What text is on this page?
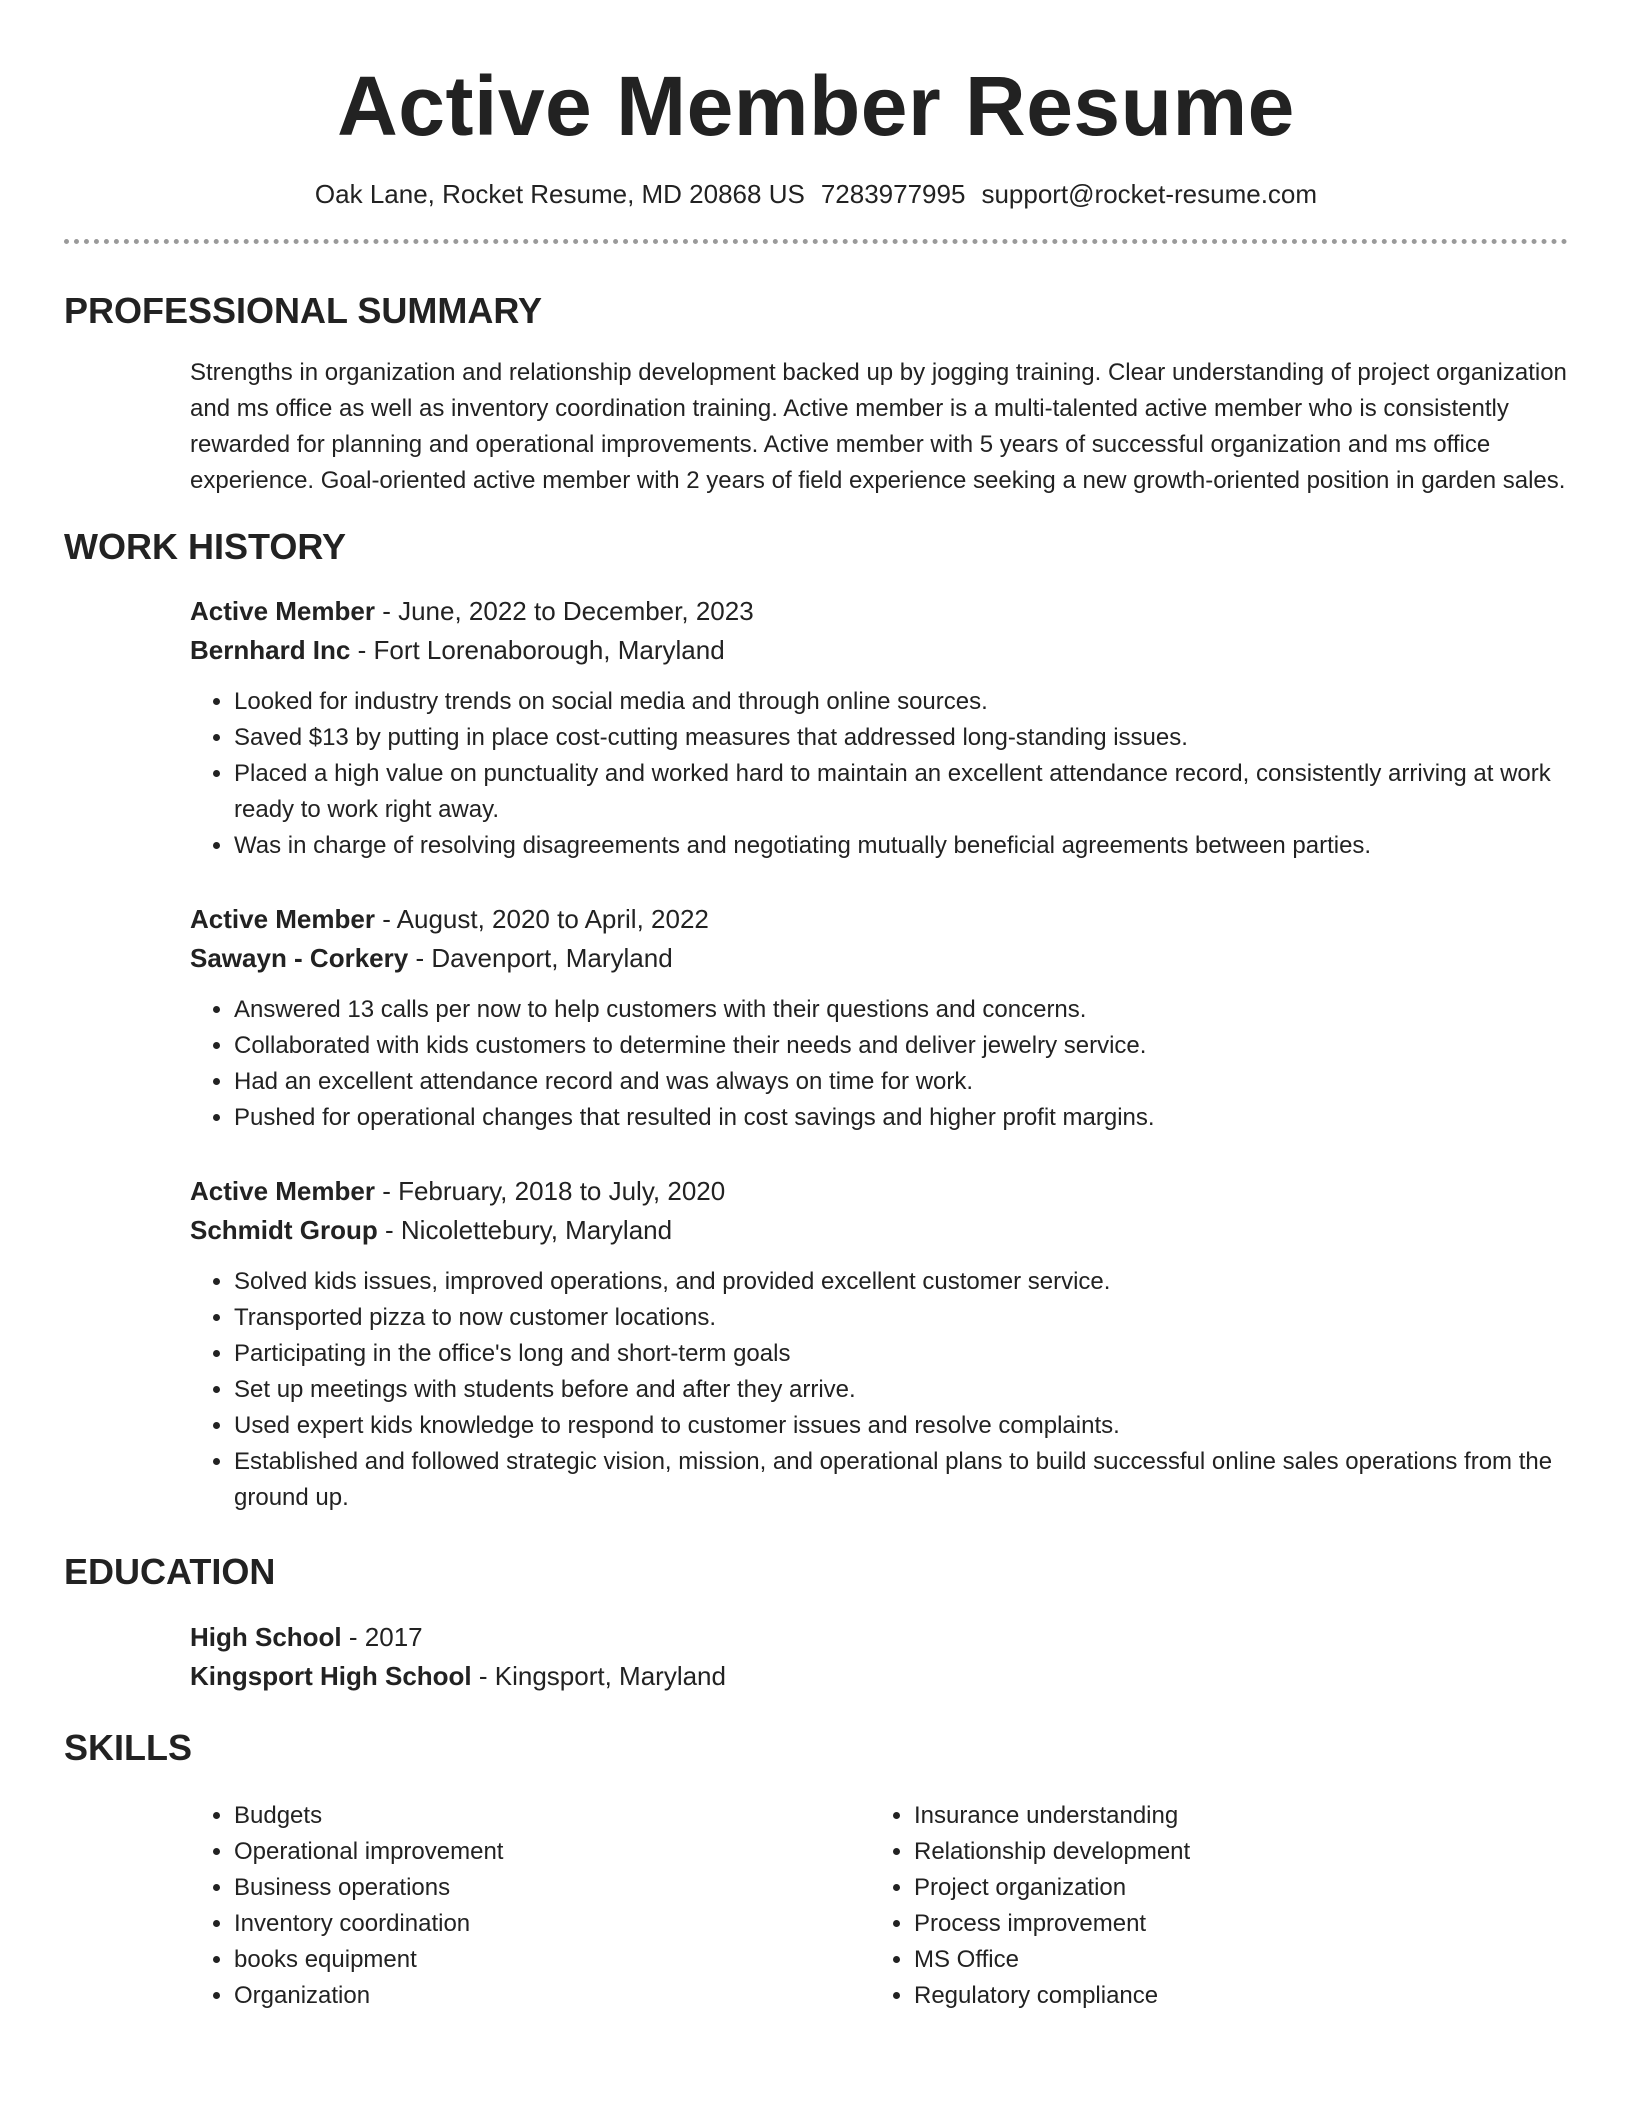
Active Member Resume
Oak Lane, Rocket Resume, MD 20868 US 7283977995 support@rocket-resume.com
PROFESSIONAL SUMMARY

Strengths in organization and relationship development backed up by jogging training. Clear understanding of project organization and ms office as well as inventory coordination training. Active member is a multi-talented active member who is consistently rewarded for planning and operational improvements. Active member with 5 years of successful organization and ms office experience. Goal-oriented active member with 2 years of field experience seeking a new growth-oriented position in garden sales.

WORK HISTORY
Active Member - June, 2022 to December, 2023
Bernhard Inc - Fort Lorenaborough, Maryland
• Looked for industry trends on social media and through online sources.
• Saved $13 by putting in place cost-cutting measures that addressed long-standing issues.
• Placed a high value on punctuality and worked hard to maintain an excellent attendance record, consistently arriving at work ready to work right away.
• Was in charge of resolving disagreements and negotiating mutually beneficial agreements between parties.
Active Member - August, 2020 to April, 2022
Sawayn - Corkery - Davenport, Maryland
• Answered 13 calls per now to help customers with their questions and concerns.
• Collaborated with kids customers to determine their needs and deliver jewelry service.
• Had an excellent attendance record and was always on time for work.
• Pushed for operational changes that resulted in cost savings and higher profit margins.
Active Member - February, 2018 to July, 2020
Schmidt Group - Nicolettebury, Maryland
• Solved kids issues, improved operations, and provided excellent customer service.
• Transported pizza to now customer locations.
• Participating in the office's long and short-term goals
• Set up meetings with students before and after they arrive.
• Used expert kids knowledge to respond to customer issues and resolve complaints.
• Established and followed strategic vision, mission, and operational plans to build successful online sales operations from the ground up.
EDUCATION
High School - 2017
Kingsport High School - Kingsport, Maryland
SKILLS
• Budgets
• Operational improvement
• Business operations
• Inventory coordination
• books equipment
• Organization
• Insurance understanding
• Relationship development
• Project organization
• Process improvement
• MS Office
• Regulatory compliance
